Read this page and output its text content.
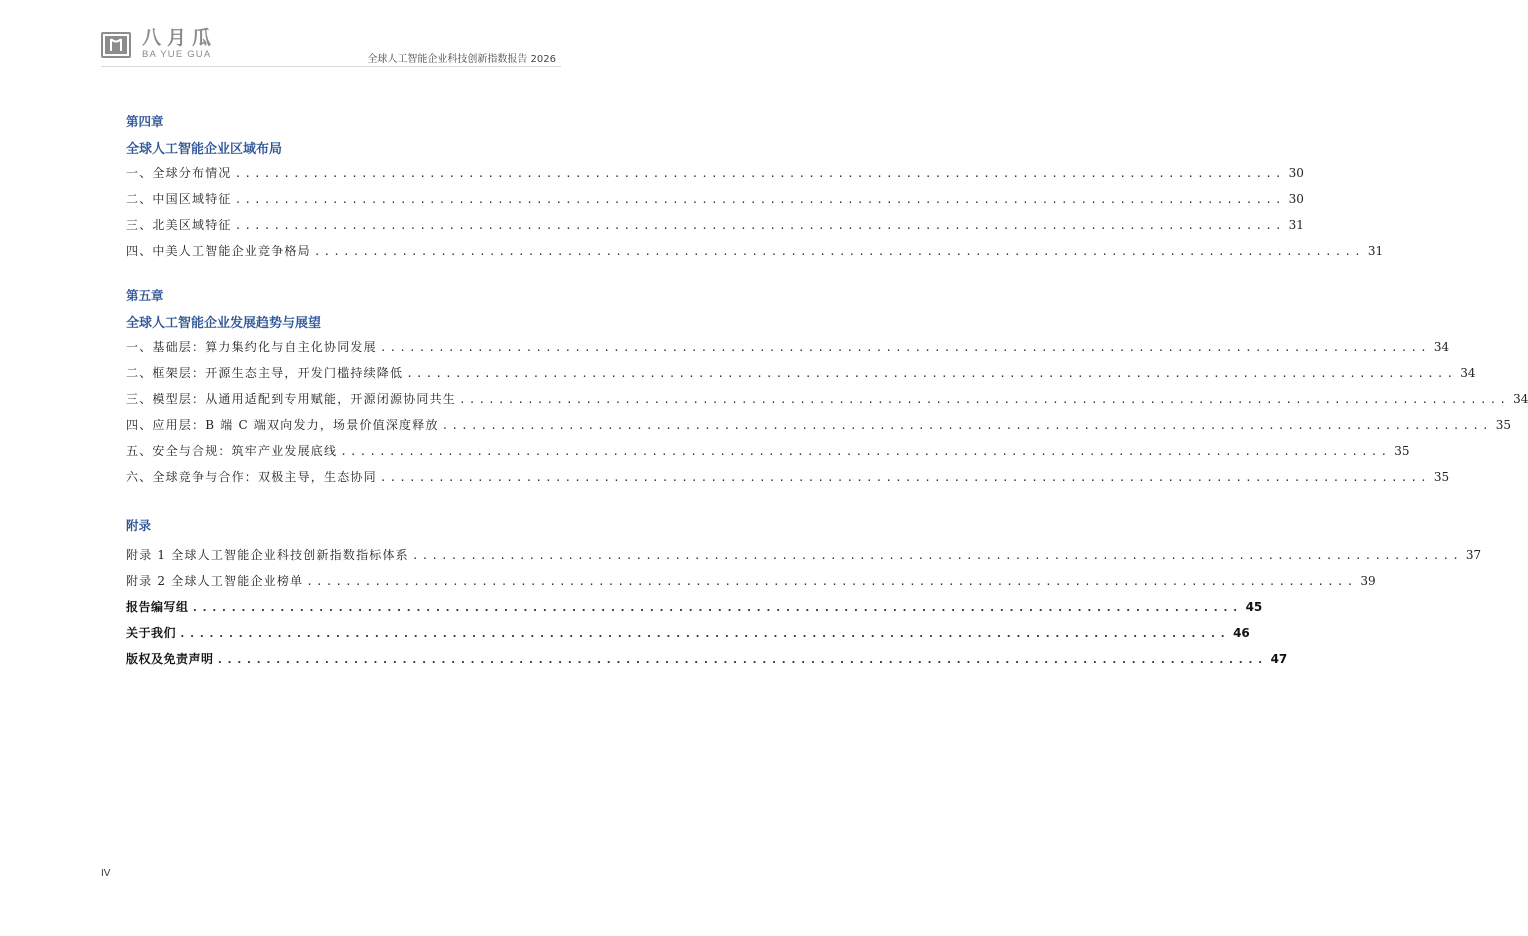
八月瓜
BA YUE GUA	全球人工智能企业科技创新指数报告 2026
第四章
全球人工智能企业区域布局
一、全球分布情况 ............................................................................................................ 30
二、中国区域特征 ............................................................................................................ 30
三、北美区域特征 ............................................................................................................ 31
四、中美人工智能企业竞争格局 ............................................................................................................ 31
第五章
全球人工智能企业发展趋势与展望
一、基础层：算力集约化与自主化协同发展 ............................................................................................................ 34
二、框架层：开源生态主导，开发门槛持续降低 ............................................................................................................ 34
三、模型层：从通用适配到专用赋能，开源闭源协同共生 ............................................................................................................ 34
四、应用层：B 端 C 端双向发力，场景价值深度释放 ............................................................................................................ 35
五、安全与合规：筑牢产业发展底线 ............................................................................................................ 35
六、全球竞争与合作：双极主导，生态协同 ............................................................................................................ 35
附录
附录 1 全球人工智能企业科技创新指数指标体系 ............................................................................................................ 37
附录 2 全球人工智能企业榜单 ............................................................................................................ 39
报告编写组 ............................................................................................................ 45
关于我们 ............................................................................................................ 46
版权及免责声明 ............................................................................................................ 47
IV
